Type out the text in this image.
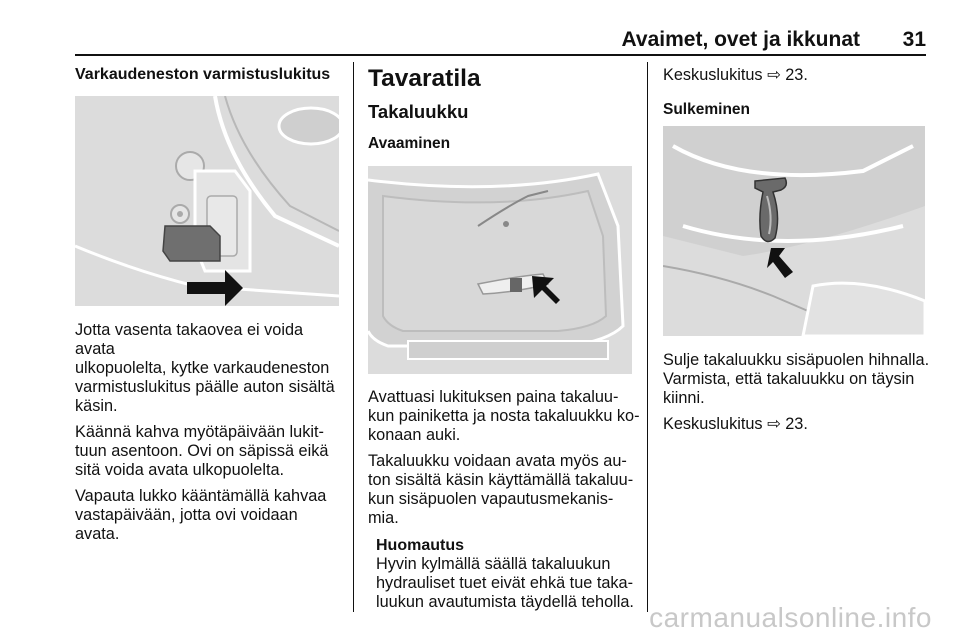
Avaimet, ovet ja ikkunat 31
Varkaudeneston varmistuslukitus

Jotta vasenta takaovea ei voida avata
ulkopuolelta, kytke varkaudeneston
varmistuslukitus päälle auton sisältä
käsin.

Käännä kahva myötäpäivään lukit-
tuun asentoon. Ovi on säpissä eikä
sitä voida avata ulkopuolelta.

Vapauta lukko kääntämällä kahvaa
vastapäivään, jotta ovi voidaan avata.

Tavaratila
Takaluukku
Avaaminen

Avattuasi lukituksen paina takaluu-
kun painiketta ja nosta takaluukku ko-
konaan auki.

Takaluukku voidaan avata myös au-
ton sisältä käsin käyttämällä takaluu-
kun sisäpuolen vapautusmekanis-
mia.

Huomautus

Hyvin kylmällä säällä takaluukun
hydrauliset tuet eivät ehkä tue taka-
luukun avautumista täydellä teholla.

Keskuslukitus ⇨ 23.

Sulkeminen

Sulje takaluukku sisäpuolen hihnalla.
Varmista, että takaluukku on täysin
kiinni.

Keskuslukitus ⇨ 23.

carmanualsonline.info
